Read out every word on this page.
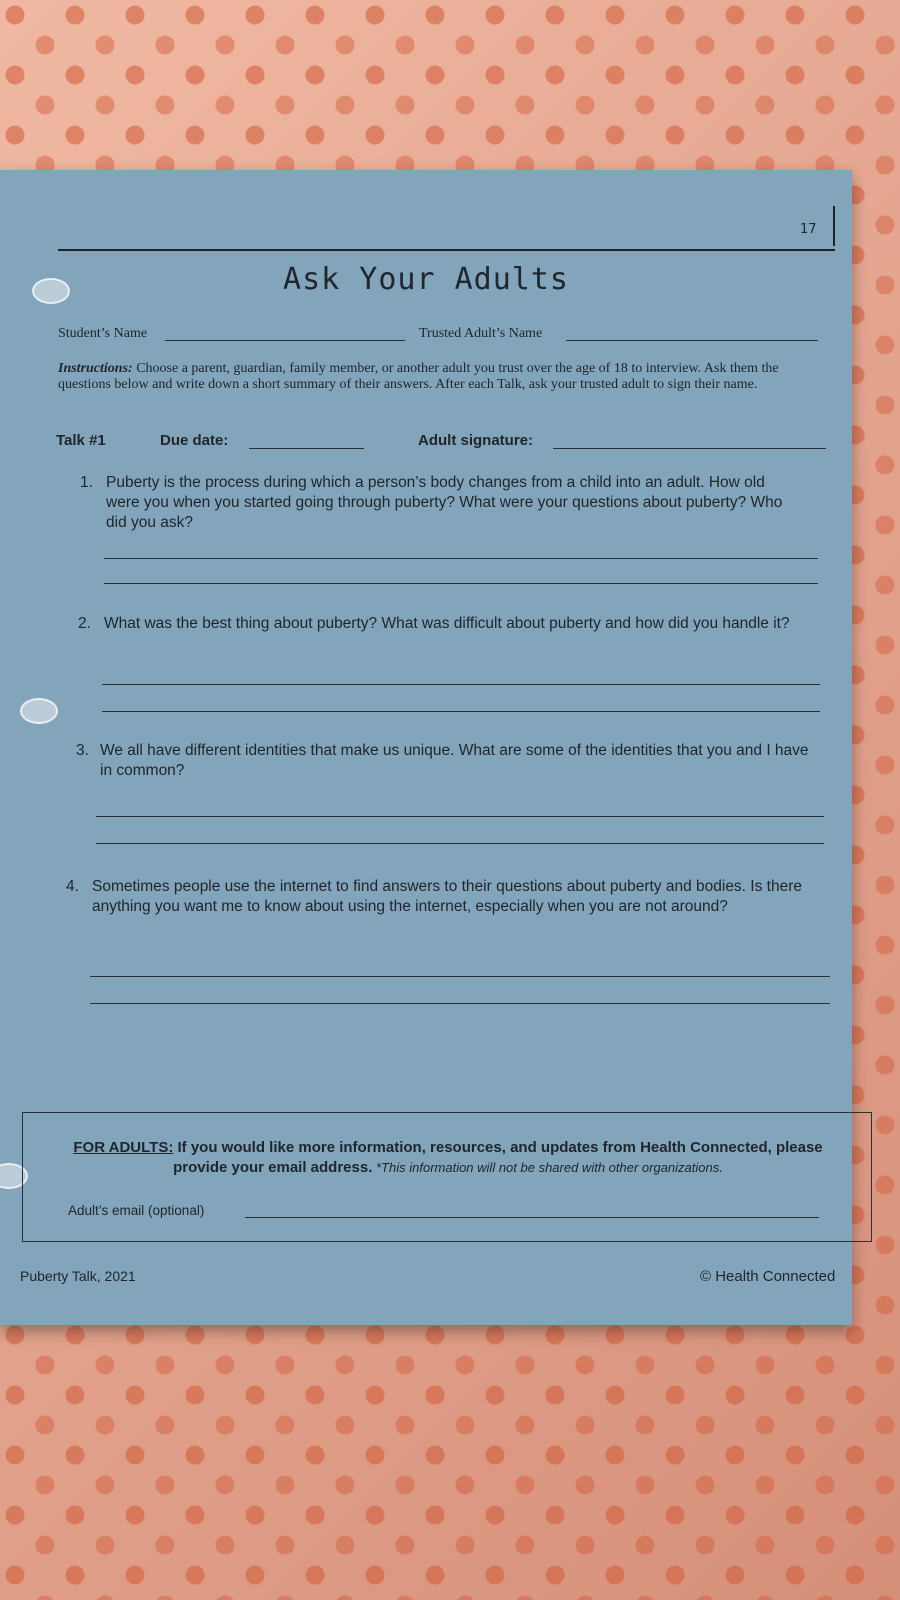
17
Ask Your Adults
Student’s Name	Trusted Adult’s Name
Instructions: Choose a parent, guardian, family member, or another adult you trust over the age of 18 to interview. Ask them the questions below and write down a short summary of their answers. After each Talk, ask your trusted adult to sign their name.
Talk #1	Due date:	Adult signature:
1. Puberty is the process during which a person’s body changes from a child into an adult. How old were you when you started going through puberty? What were your questions about puberty? Who did you ask?
2. What was the best thing about puberty? What was difficult about puberty and how did you handle it?
3. We all have different identities that make us unique. What are some of the identities that you and I have in common?
4. Sometimes people use the internet to find answers to their questions about puberty and bodies. Is there anything you want me to know about using the internet, especially when you are not around?
FOR ADULTS: If you would like more information, resources, and updates from Health Connected, please provide your email address. *This information will not be shared with other organizations.
Adult’s email (optional)
Puberty Talk, 2021	© Health Connected
